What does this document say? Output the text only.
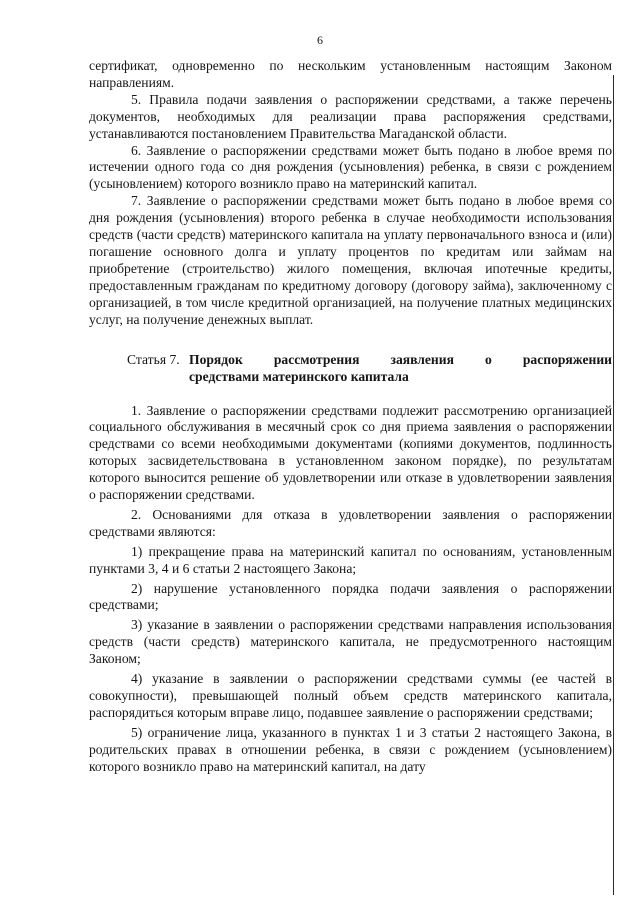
6

сертификат, одновременно по нескольким установленным настоящим Законом направлениям.

5. Правила подачи заявления о распоряжении средствами, а также перечень документов, необходимых для реализации права распоряжения средствами, устанавливаются постановлением Правительства Магаданской области.

6. Заявление о распоряжении средствами может быть подано в любое время по истечении одного года со дня рождения (усыновления) ребенка, в связи с рождением (усыновлением) которого возникло право на материнский капитал.

7. Заявление о распоряжении средствами может быть подано в любое время со дня рождения (усыновления) второго ребенка в случае необходимости использования средств (части средств) материнского капитала на уплату первоначального взноса и (или) погашение основного долга и уплату процентов по кредитам или займам на приобретение (строительство) жилого помещения, включая ипотечные кредиты, предоставленным гражданам по кредитному договору (договору займа), заключенному с организацией, в том числе кредитной организацией, на получение платных медицинских услуг, на получение денежных выплат.

Статья 7. Порядок рассмотрения заявления о распоряжении

средствами материнского капитала

1. Заявление о распоряжении средствами подлежит рассмотрению организацией социального обслуживания в месячный срок со дня приема заявления о распоряжении средствами со всеми необходимыми документами (копиями документов, подлинность которых засвидетельствована в установленном законом порядке), по результатам которого выносится решение об удовлетворении или отказе в удовлетворении заявления о распоряжении средствами.

2. Основаниями для отказа в удовлетворении заявления о распоряжении средствами являются:

1) прекращение права на материнский капитал по основаниям, установленным пунктами 3, 4 и 6 статьи 2 настоящего Закона;

2) нарушение установленного порядка подачи заявления о распоряжении средствами;

3) указание в заявлении о распоряжении средствами направления использования средств (части средств) материнского капитала, не предусмотренного настоящим Законом;

4) указание в заявлении о распоряжении средствами суммы (ее частей в совокупности), превышающей полный объем средств материнского капитала, распорядиться которым вправе лицо, подавшее заявление о распоряжении средствами;

5) ограничение лица, указанного в пунктах 1 и 3 статьи 2 настоящего Закона, в родительских правах в отношении ребенка, в связи с рождением (усыновлением) которого возникло право на материнский капитал, на дату
